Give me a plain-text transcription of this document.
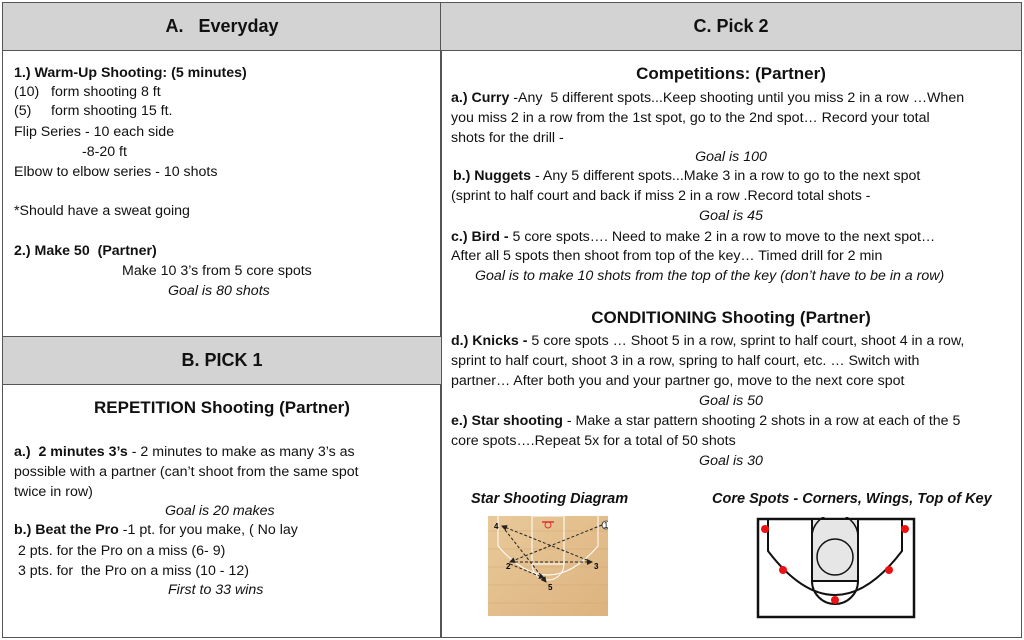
A.   Everyday	C. Pick 2
B. PICK 1
1.) Warm-Up Shooting: (5 minutes)
(10)   form shooting 8 ft
(5)     form shooting 15 ft.
Flip Series - 10 each side
-8-20 ft
Elbow to elbow series - 10 shots
*Should have a sweat going
2.) Make 50  (Partner)
Make 10 3’s from 5 core spots
Goal is 80 shots
REPETITION Shooting (Partner)
a.)  2 minutes 3’s - 2 minutes to make as many 3’s as
possible with a partner (can’t shoot from the same spot
twice in row)
Goal is 20 makes
b.) Beat the Pro -1 pt. for you make, ( No lay
2 pts. for the Pro on a miss (6- 9)
3 pts. for  the Pro on a miss (10 - 12)
First to 33 wins
Competitions: (Partner)
a.) Curry -Any  5 different spots...Keep shooting until you miss 2 in a row …When
you miss 2 in a row from the 1st spot, go to the 2nd spot… Record your total
shots for the drill -
Goal is 100
b.) Nuggets - Any 5 different spots...Make 3 in a row to go to the next spot
(sprint to half court and back if miss 2 in a row .Record total shots -
Goal is 45
c.) Bird - 5 core spots…. Need to make 2 in a row to move to the next spot…
After all 5 spots then shoot from top of the key… Timed drill for 2 min
Goal is to make 10 shots from the top of the key (don’t have to be in a row)
CONDITIONING Shooting (Partner)
d.) Knicks - 5 core spots … Shoot 5 in a row, sprint to half court, shoot 4 in a row,
sprint to half court, shoot 3 in a row, spring to half court, etc. … Switch with
partner… After both you and your partner go, move to the next core spot
Goal is 50
e.) Star shooting - Make a star pattern shooting 2 shots in a row at each of the 5
core spots….Repeat 5x for a total of 50 shots
Goal is 30
Star Shooting Diagram	Core Spots - Corners, Wings, Top of Key
1
2	3
4
5
